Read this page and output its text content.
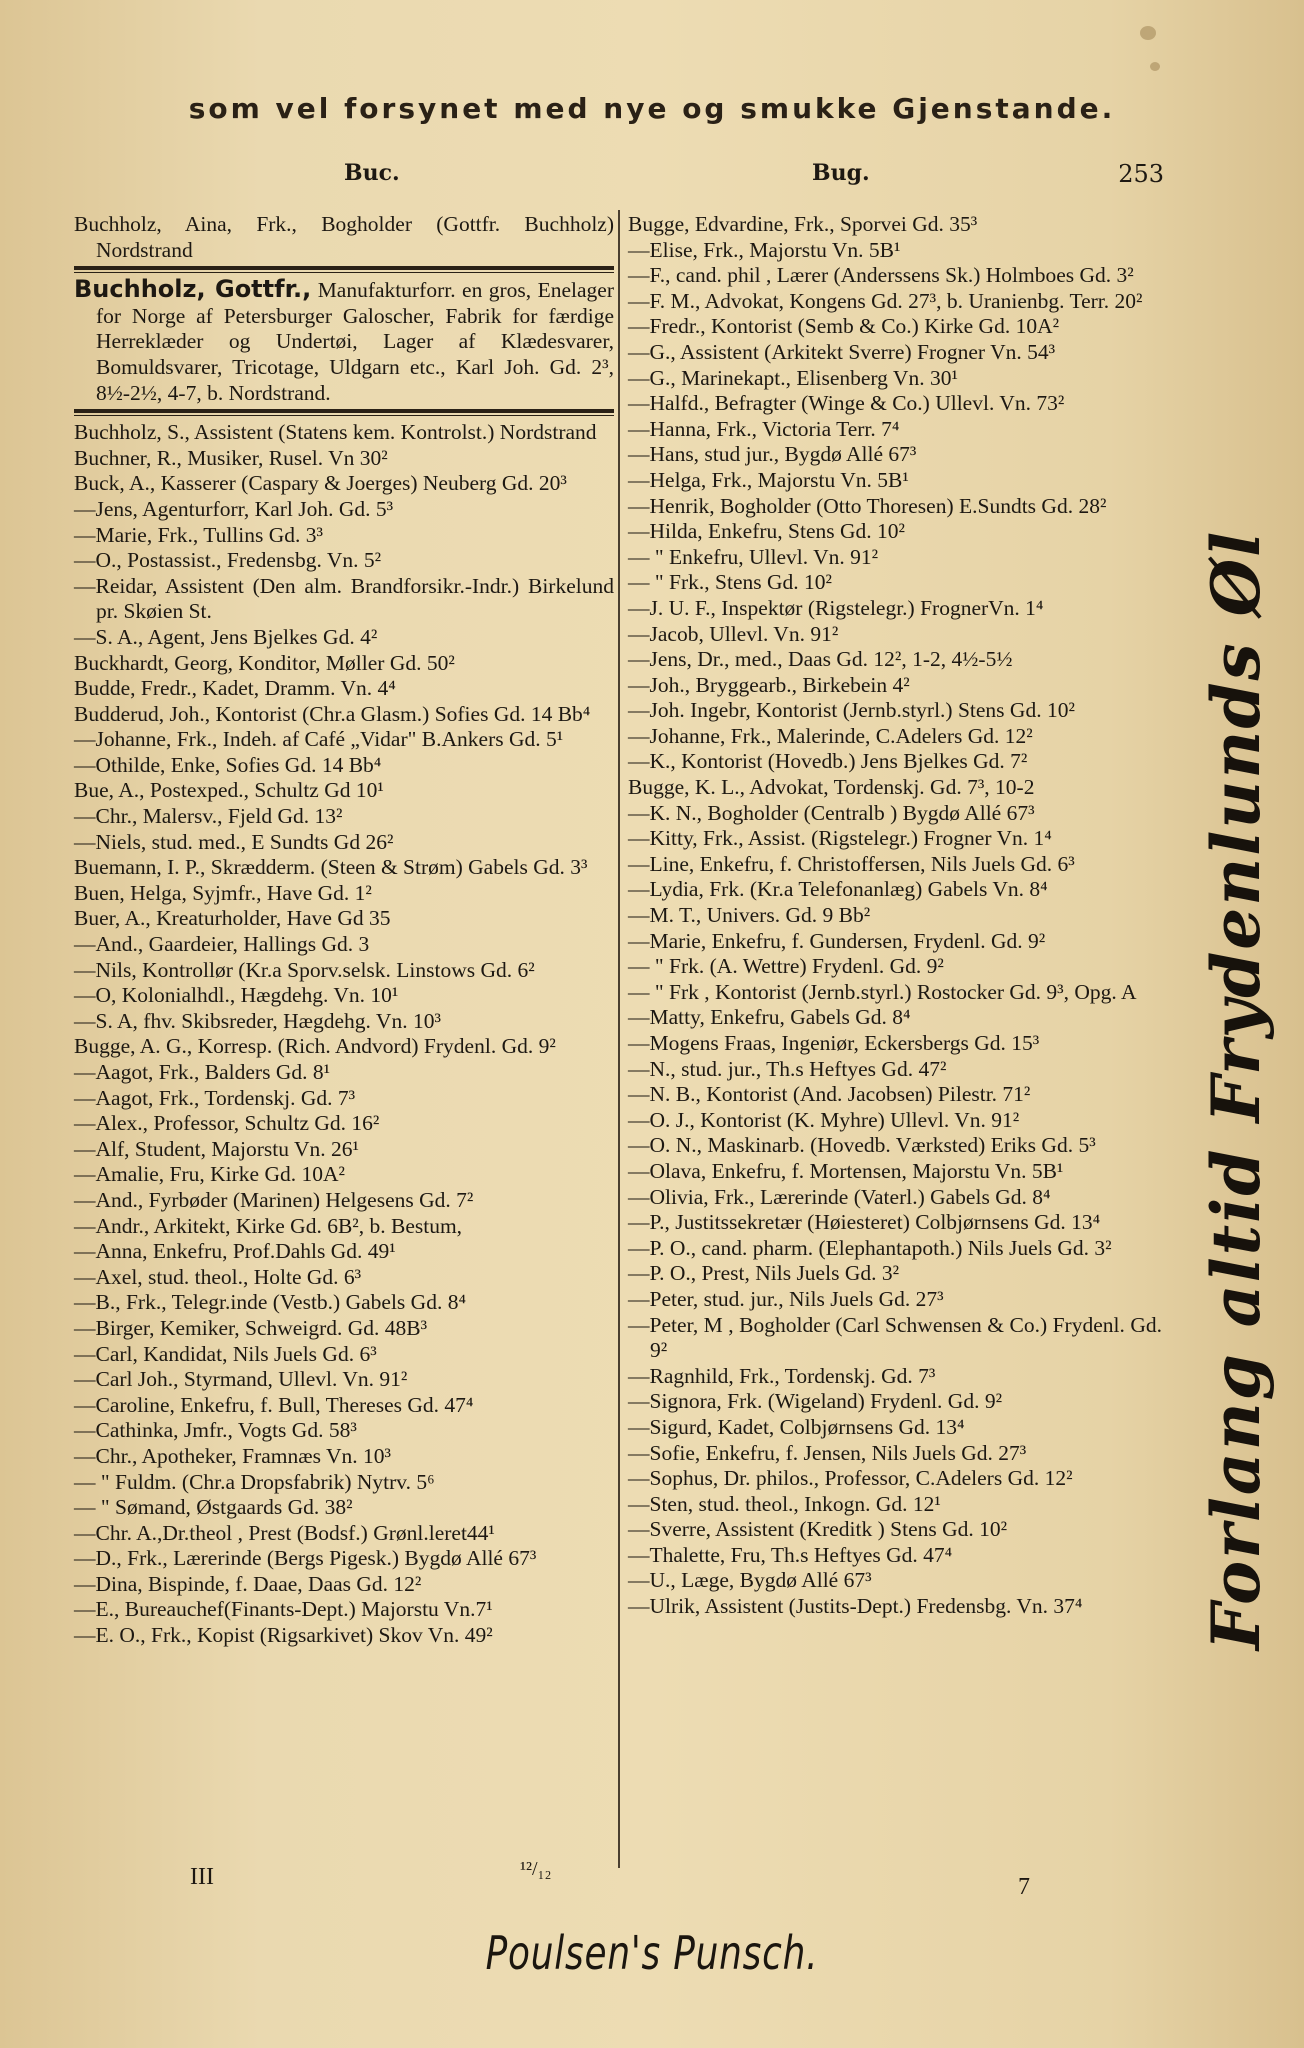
som vel forsynet med nye og smukke Gjenstande.
Buc.	Bug.	253
Buchholz, Aina, Frk., Bogholder (Gottfr. Buchholz) Nordstrand
Buchholz, Gottfr., Manufakturforr. en gros, Enelager for Norge af Petersburger Galoscher, Fabrik for færdige Herreklæder og Undertøi, Lager af Klædesvarer, Bomuldsvarer, Tricotage, Uldgarn etc., Karl Joh. Gd. 2³, 8½-2½, 4-7, b. Nordstrand.
Buchholz, S., Assistent (Statens kem. Kontrolst.) Nordstrand
Buchner, R., Musiker, Rusel. Vn 30²
Buck, A., Kasserer (Caspary & Joerges) Neuberg Gd. 20³
—Jens, Agenturforr, Karl Joh. Gd. 5³
—Marie, Frk., Tullins Gd. 3³
—O., Postassist., Fredensbg. Vn. 5²
—Reidar, Assistent (Den alm. Brandforsikr.-Indr.) Birkelund pr. Skøien St.
—S. A., Agent, Jens Bjelkes Gd. 4²
Buckhardt, Georg, Konditor, Møller Gd. 50²
Budde, Fredr., Kadet, Dramm. Vn. 4⁴
Budderud, Joh., Kontorist (Chr.a Glasm.) Sofies Gd. 14 Bb⁴
—Johanne, Frk., Indeh. af Café „Vidar" B.Ankers Gd. 5¹
—Othilde, Enke, Sofies Gd. 14 Bb⁴
Bue, A., Postexped., Schultz Gd 10¹
—Chr., Malersv., Fjeld Gd. 13²
—Niels, stud. med., E Sundts Gd 26²
Buemann, I. P., Skrædderm. (Steen & Strøm) Gabels Gd. 3³
Buen, Helga, Syjmfr., Have Gd. 1²
Buer, A., Kreaturholder, Have Gd 35
—And., Gaardeier, Hallings Gd. 3
—Nils, Kontrollør (Kr.a Sporv.selsk. Linstows Gd. 6²
—O, Kolonialhdl., Hægdehg. Vn. 10¹
—S. A, fhv. Skibsreder, Hægdehg. Vn. 10³
Bugge, A. G., Korresp. (Rich. Andvord) Frydenl. Gd. 9²
—Aagot, Frk., Balders Gd. 8¹
—Aagot, Frk., Tordenskj. Gd. 7³
—Alex., Professor, Schultz Gd. 16²
—Alf, Student, Majorstu Vn. 26¹
—Amalie, Fru, Kirke Gd. 10A²
—And., Fyrbøder (Marinen) Helgesens Gd. 7²
—Andr., Arkitekt, Kirke Gd. 6B², b. Bestum,
—Anna, Enkefru, Prof.Dahls Gd. 49¹
—Axel, stud. theol., Holte Gd. 6³
—B., Frk., Telegr.inde (Vestb.) Gabels Gd. 8⁴
—Birger, Kemiker, Schweigrd. Gd. 48B³
—Carl, Kandidat, Nils Juels Gd. 6³
—Carl Joh., Styrmand, Ullevl. Vn. 91²
—Caroline, Enkefru, f. Bull, Thereses Gd. 47⁴
—Cathinka, Jmfr., Vogts Gd. 58³
—Chr., Apotheker, Framnæs Vn. 10³
— " Fuldm. (Chr.a Dropsfabrik) Nytrv. 5⁶
— " Sømand, Østgaards Gd. 38²
—Chr. A.,Dr.theol , Prest (Bodsf.) Grønl.leret44¹
—D., Frk., Lærerinde (Bergs Pigesk.) Bygdø Allé 67³
—Dina, Bispinde, f. Daae, Daas Gd. 12²
—E., Bureauchef(Finants-Dept.) Majorstu Vn.7¹
—E. O., Frk., Kopist (Rigsarkivet) Skov Vn. 49²
Bugge, Edvardine, Frk., Sporvei Gd. 35³
—Elise, Frk., Majorstu Vn. 5B¹
—F., cand. phil , Lærer (Anderssens Sk.) Holmboes Gd. 3²
—F. M., Advokat, Kongens Gd. 27³, b. Uranienbg. Terr. 20²
—Fredr., Kontorist (Semb & Co.) Kirke Gd. 10A²
—G., Assistent (Arkitekt Sverre) Frogner Vn. 54³
—G., Marinekapt., Elisenberg Vn. 30¹
—Halfd., Befragter (Winge & Co.) Ullevl. Vn. 73²
—Hanna, Frk., Victoria Terr. 7⁴
—Hans, stud jur., Bygdø Allé 67³
—Helga, Frk., Majorstu Vn. 5B¹
—Henrik, Bogholder (Otto Thoresen) E.Sundts Gd. 28²
—Hilda, Enkefru, Stens Gd. 10²
— " Enkefru, Ullevl. Vn. 91²
— " Frk., Stens Gd. 10²
—J. U. F., Inspektør (Rigstelegr.) FrognerVn. 1⁴
—Jacob, Ullevl. Vn. 91²
—Jens, Dr., med., Daas Gd. 12², 1-2, 4½-5½
—Joh., Bryggearb., Birkebein 4²
—Joh. Ingebr, Kontorist (Jernb.styrl.) Stens Gd. 10²
—Johanne, Frk., Malerinde, C.Adelers Gd. 12²
—K., Kontorist (Hovedb.) Jens Bjelkes Gd. 7²
Bugge, K. L., Advokat, Tordenskj. Gd. 7³, 10-2
—K. N., Bogholder (Centralb ) Bygdø Allé 67³
—Kitty, Frk., Assist. (Rigstelegr.) Frogner Vn. 1⁴
—Line, Enkefru, f. Christoffersen, Nils Juels Gd. 6³
—Lydia, Frk. (Kr.a Telefonanlæg) Gabels Vn. 8⁴
—M. T., Univers. Gd. 9 Bb²
—Marie, Enkefru, f. Gundersen, Frydenl. Gd. 9²
— " Frk. (A. Wettre) Frydenl. Gd. 9²
— " Frk , Kontorist (Jernb.styrl.) Rostocker Gd. 9³, Opg. A
—Matty, Enkefru, Gabels Gd. 8⁴
—Mogens Fraas, Ingeniør, Eckersbergs Gd. 15³
—N., stud. jur., Th.s Heftyes Gd. 47²
—N. B., Kontorist (And. Jacobsen) Pilestr. 71²
—O. J., Kontorist (K. Myhre) Ullevl. Vn. 91²
—O. N., Maskinarb. (Hovedb. Værksted) Eriks Gd. 5³
—Olava, Enkefru, f. Mortensen, Majorstu Vn. 5B¹
—Olivia, Frk., Lærerinde (Vaterl.) Gabels Gd. 8⁴
—P., Justitssekretær (Høiesteret) Colbjørnsens Gd. 13⁴
—P. O., cand. pharm. (Elephantapoth.) Nils Juels Gd. 3²
—P. O., Prest, Nils Juels Gd. 3²
—Peter, stud. jur., Nils Juels Gd. 27³
—Peter, M , Bogholder (Carl Schwensen & Co.) Frydenl. Gd. 9²
—Ragnhild, Frk., Tordenskj. Gd. 7³
—Signora, Frk. (Wigeland) Frydenl. Gd. 9²
—Sigurd, Kadet, Colbjørnsens Gd. 13⁴
—Sofie, Enkefru, f. Jensen, Nils Juels Gd. 27³
—Sophus, Dr. philos., Professor, C.Adelers Gd. 12²
—Sten, stud. theol., Inkogn. Gd. 12¹
—Sverre, Assistent (Kreditk ) Stens Gd. 10²
—Thalette, Fru, Th.s Heftyes Gd. 47⁴
—U., Læge, Bygdø Allé 67³
—Ulrik, Assistent (Justits-Dept.) Fredensbg. Vn. 37⁴
III	¹²/₁₂
7
Poulsen's Punsch.
Forlang altid Frydenlunds Øl
